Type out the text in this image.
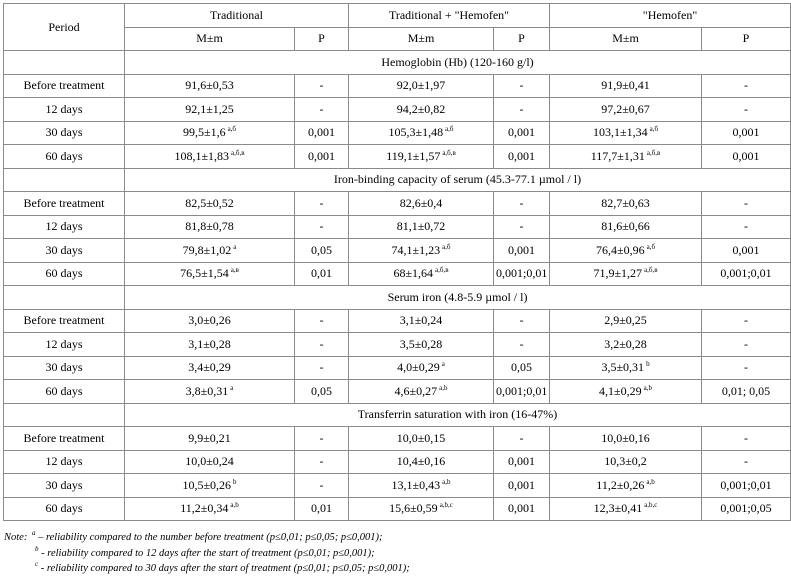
Period	Traditional		Traditional + "Hemofen"		"Hemofen"	
	M±m	P	M±m	P	M±m	P
	Hemoglobin (Hb) (120-160 g/l)					
Before treatment	91,6±0,53	-	92,0±1,97	-	91,9±0,41	-
12 days	92,1±1,25	-	94,2±0,82	-	97,2±0,67	-
30 days	99,5±1,6 $^{a,б}$	0,001	105,3±1,48 $^{a,б}$	0,001	103,1±1,34 $^{a,б}$	0,001
60 days	108,1±1,83 $^{a,б,в}$	0,001	119,1±1,57 $^{a,б,в}$	0,001	117,7±1,31 $^{a,б,в}$	0,001
	Iron-binding capacity of serum (45.3-77.1 µmol / l)					
Before treatment	82,5±0,52	-	82,6±0,4	-	82,7±0,63	-
12 days	81,8±0,78	-	81,1±0,72	-	81,6±0,66	-
30 days	79,8±1,02 $^a$	0,05	74,1±1,23 $^{a,б}$	0,001	76,4±0,96 $^{a,б}$	0,001
60 days	76,5±1,54 $^{a,в}$	0,01	68±1,64 $^{a,б,в}$	0,001;0,01	71,9±1,27 $^{a,б,в}$	0,001;0,01
	Serum iron (4.8-5.9 µmol / l)					
Before treatment	3,0±0,26	-	3,1±0,24	-	2,9±0,25	-
12 days	3,1±0,28	-	3,5±0,28	-	3,2±0,28	-
30 days	3,4±0,29	-	4,0±0,29 $^a$	0,05	3,5±0,31 $^b$	-
60 days	3,8±0,31 $^a$	0,05	4,6±0,27 $^{a,b}$	0,001;0,01	4,1±0,29 $^{a,b}$	0,01; 0,05
	Transferrin saturation with iron (16-47%)					
Before treatment	9,9±0,21	-	10,0±0,15	-	10,0±0,16	-
12 days	10,0±0,24	-	10,4±0,16	0,001	10,3±0,2	-
30 days	10,5±0,26 $^b$	-	13,1±0,43 $^{a,b}$	0,001	11,2±0,26 $^{a,b}$	0,001;0,01
60 days	11,2±0,34 $^{a,b}$	0,01	15,6±0,59 $^{a,b,c}$	0,001	12,3±0,41 $^{a,b,c}$	0,001;0,05
Note: $^a$ – reliability compared to the number before treatment (p≤0,01; p≤0,05; p≤0,001);
$^b$ - reliability compared to 12 days after the start of treatment (p≤0,01; p≤0,001);
$^c$ - reliability compared to 30 days after the start of treatment (p≤0,01; p≤0,05; p≤0,001);
